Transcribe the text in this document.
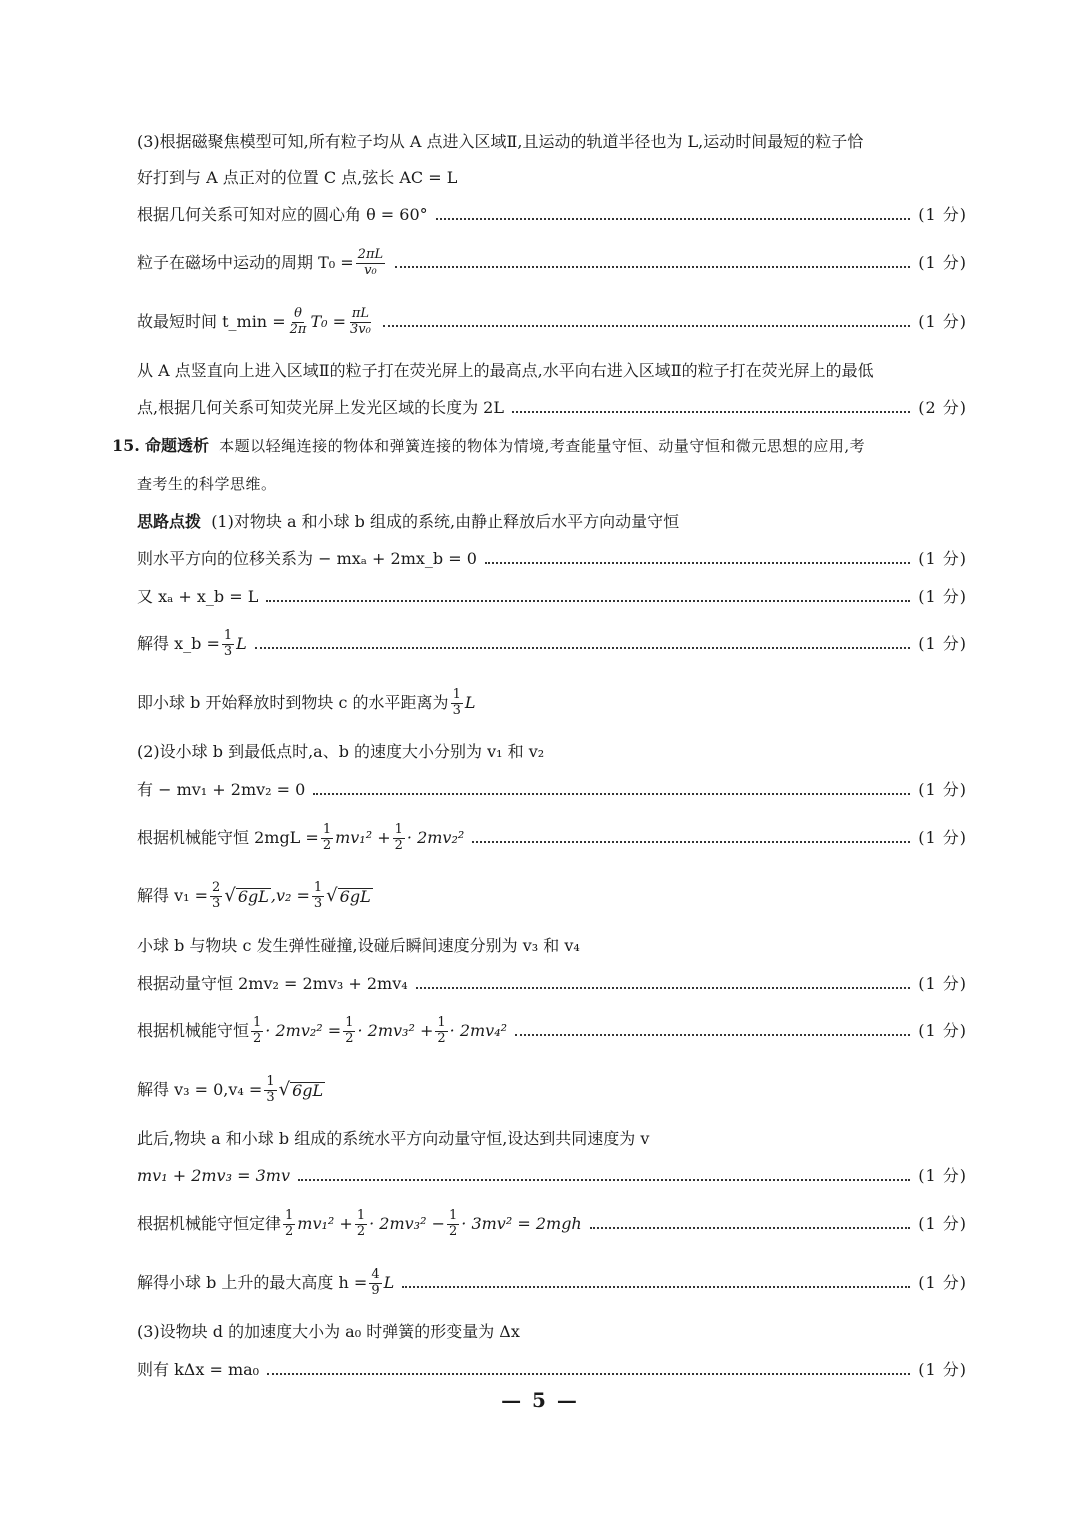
(3)根据磁聚焦模型可知,所有粒子均从 A 点进入区域Ⅱ,且运动的轨道半径也为 L,运动时间最短的粒子恰
好打到与 A 点正对的位置 C 点,弦长 AC = L
根据几何关系可知对应的圆心角 θ = 60°	(1 分)
粒子在磁场中运动的周期 $T_0 = \frac{2\pi L}{\text{v₀}}$	(1 分)
故最短时间 t_min = $\frac{\theta}{2\pi} T_0 = \frac{\pi L}{\text{3v₀}}$	(1 分)
从 A 点竖直向上进入区域Ⅱ的粒子打在荧光屏上的最高点,水平向右进入区域Ⅱ的粒子打在荧光屏上的最低
点,根据几何关系可知荧光屏上发光区域的长度为 2L	(2 分)
15.
命题透析
本题以轻绳连接的物体和弹簧连接的物体为情境,考查能量守恒、动量守恒和微元思想的应用,考
查考生的科学思维。
思路点拨
(1)对物块 a 和小球 b 组成的系统,由静止释放后水平方向动量守恒
则水平方向的位移关系为 − mxₐ + 2mx_b = 0	(1 分)
又 xₐ + x_b = L	(1 分)
解得 x_b = $\frac{1}{3}$ L	(1 分)
即小球 b 开始释放时到物块 c 的水平距离为 $\frac{1}{3}$ L
(2)设小球 b 到最低点时,a、b 的速度大小分别为 v₁ 和 v₂
有 − mv₁ + 2mv₂ = 0	(1 分)
根据机械能守恒 $2mgL = \frac{1}{2} mv_1^2 + \frac{1}{2} \cdot 2mv_2^2$	(1 分)
解得 $v_1 = \frac{2}{3}$ √ 6gL $,v_2 = \frac{1}{3}$ √ 6gL
小球 b 与物块 c 发生弹性碰撞,设碰后瞬间速度分别为 v₃ 和 v₄
根据动量守恒 2mv₂ = 2mv₃ + 2mv₄	(1 分)
根据机械能守恒 $\frac{1}{2} \cdot 2mv_2^2 = \frac{1}{2} \cdot 2mv_3^2 + \frac{1}{2} \cdot 2mv_4^2$	(1 分)
解得 $v_3 = 0,v_4 = \frac{1}{3}$ √ 6gL
此后,物块 a 和小球 b 组成的系统水平方向动量守恒,设达到共同速度为 v
mv₁ + 2mv₃ = 3mv	(1 分)
根据机械能守恒定律 $\frac{1}{2} mv_1^2 + \frac{1}{2} \cdot 2mv_3^2 - \frac{1}{2} \cdot 3mv^2 = 2mgh$	(1 分)
解得小球 b 上升的最大高度 $h = \frac{4}{9}$ L	(1 分)
(3)设物块 d 的加速度大小为 a₀ 时弹簧的形变量为 Δx
则有 kΔx = ma₀	(1 分)
— 5 —
